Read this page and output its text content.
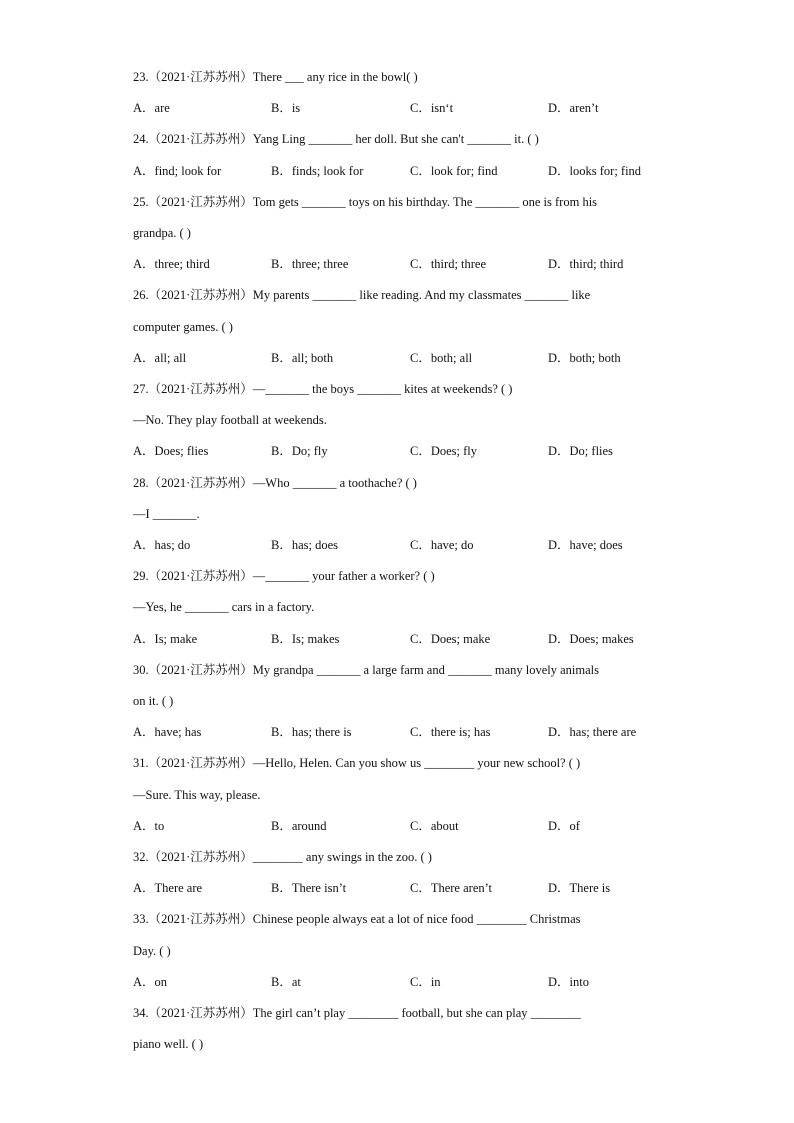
23.（2021·江苏苏州）There ___ any rice in the bowl( )
A．are	B．is	C．isn‘t	D．aren’t
24.（2021·江苏苏州）Yang Ling _______ her doll. But she can't _______ it. ( )
A．find; look for	B．finds; look for	C．look for; find	D．looks for; find
25.（2021·江苏苏州）Tom gets _______ toys on his birthday. The _______ one is from his
grandpa. ( )
A．three; third	B．three; three	C．third; three	D．third; third
26.（2021·江苏苏州）My parents _______ like reading. And my classmates _______ like
computer games. ( )
A．all; all	B．all; both	C．both; all	D．both; both
27.（2021·江苏苏州）—_______ the boys _______ kites at weekends? ( )
—No. They play football at weekends.
A．Does; flies	B．Do; fly	C．Does; fly	D．Do; flies
28.（2021·江苏苏州）—Who _______ a toothache? ( )
—I _______.
A．has; do	B．has; does	C．have; do	D．have; does
29.（2021·江苏苏州）—_______ your father a worker? ( )
—Yes, he _______ cars in a factory.
A．Is; make	B．Is; makes	C．Does; make	D．Does; makes
30.（2021·江苏苏州）My grandpa _______ a large farm and _______ many lovely animals
on it. ( )
A．have; has	B．has; there is	C．there is; has	D．has; there are
31.（2021·江苏苏州）—Hello, Helen. Can you show us ________ your new school? ( )
—Sure. This way, please.
A．to	B．around	C．about	D．of
32.（2021·江苏苏州）________ any swings in the zoo. ( )
A．There are	B．There isn’t	C．There aren’t	D．There is
33.（2021·江苏苏州）Chinese people always eat a lot of nice food ________ Christmas
Day. ( )
A．on	B．at	C．in	D．into
34.（2021·江苏苏州）The girl can’t play ________ football, but she can play ________
piano well. ( )
